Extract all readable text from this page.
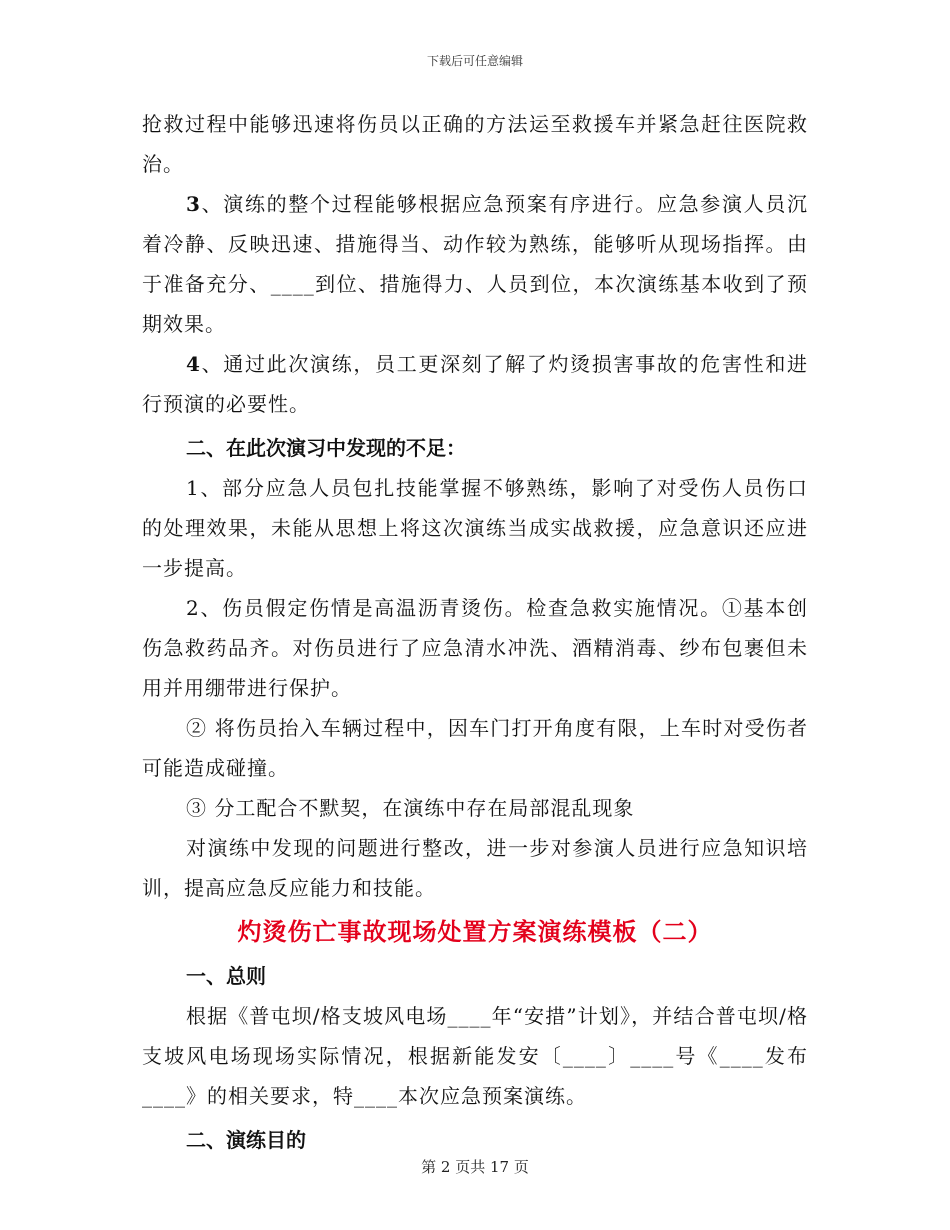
下载后可任意编辑

抢救过程中能够迅速将伤员以正确的方法运至救援车并紧急赶往医院救治。

3、演练的整个过程能够根据应急预案有序进行。应急参演人员沉着冷静、反映迅速、措施得当、动作较为熟练，能够听从现场指挥。由于准备充分、____到位、措施得力、人员到位，本次演练基本收到了预期效果。

4、通过此次演练，员工更深刻了解了灼烫损害事故的危害性和进行预演的必要性。

二、在此次演习中发现的不足：

1、部分应急人员包扎技能掌握不够熟练，影响了对受伤人员伤口的处理效果，未能从思想上将这次演练当成实战救援，应急意识还应进一步提高。

2、伤员假定伤情是高温沥青烫伤。检查急救实施情况。①基本创伤急救药品齐。对伤员进行了应急清水冲洗、酒精消毒、纱布包裹但未用并用绷带进行保护。

② 将伤员抬入车辆过程中，因车门打开角度有限，上车时对受伤者可能造成碰撞。

③ 分工配合不默契，在演练中存在局部混乱现象

对演练中发现的问题进行整改，进一步对参演人员进行应急知识培训，提高应急反应能力和技能。

灼烫伤亡事故现场处置方案演练模板（二）

一、总则

根据《普屯坝/格支坡风电场____年“安措”计划》，并结合普屯坝/格支坡风电场现场实际情况，根据新能发安〔____〕____号《____发布____》的相关要求，特____本次应急预案演练。

二、演练目的

第 2 页共 17 页
